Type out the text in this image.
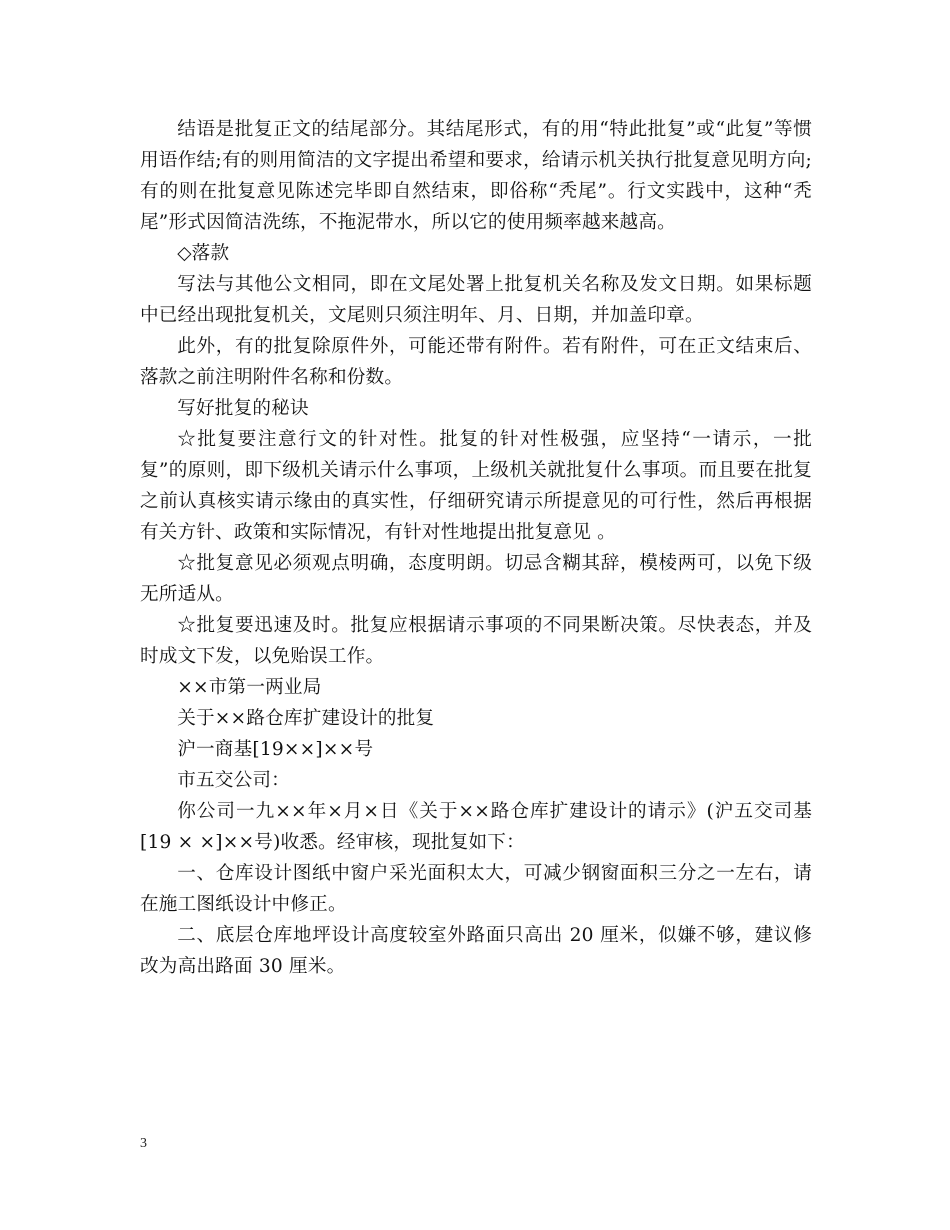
结语是批复正文的结尾部分。其结尾形式，有的用“特此批复”或“此复”等惯用语作结;有的则用简洁的文字提出希望和要求，给请示机关执行批复意见明方向;有的则在批复意见陈述完毕即自然结束，即俗称“秃尾”。行文实践中，这种“秃尾”形式因简洁洗练，不拖泥带水，所以它的使用频率越来越高。

◇落款

写法与其他公文相同，即在文尾处署上批复机关名称及发文日期。如果标题中已经出现批复机关，文尾则只须注明年、月、日期，并加盖印章。

此外，有的批复除原件外，可能还带有附件。若有附件，可在正文结束后、落款之前注明附件名称和份数。

写好批复的秘诀

☆批复要注意行文的针对性。批复的针对性极强，应坚持“一请示，一批复”的原则，即下级机关请示什么事项，上级机关就批复什么事项。而且要在批复之前认真核实请示缘由的真实性，仔细研究请示所提意见的可行性，然后再根据有关方针、政策和实际情况，有针对性地提出批复意见 。

☆批复意见必须观点明确，态度明朗。切忌含糊其辞，模棱两可，以免下级无所适从。

☆批复要迅速及时。批复应根据请示事项的不同果断决策。尽快表态，并及时成文下发，以免贻误工作。

××市第一两业局

关于××路仓库扩建设计的批复

沪一商基[19××]××号

市五交公司：

你公司一九××年×月×日《关于××路仓库扩建设计的请示》(沪五交司基[19 × ×]××号)收悉。经审核，现批复如下：

一、仓库设计图纸中窗户采光面积太大，可减少钢窗面积三分之一左右，请在施工图纸设计中修正。

二、底层仓库地坪设计高度较室外路面只高出 20 厘米，似嫌不够，建议修改为高出路面 30 厘米。

3
